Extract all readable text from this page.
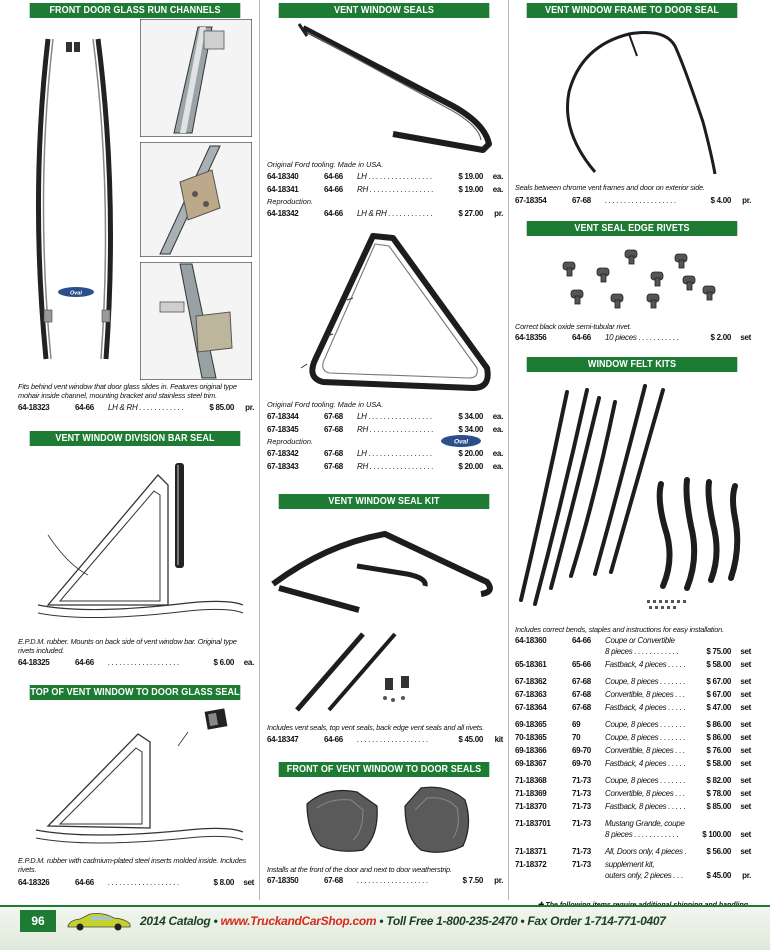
FRONT DOOR GLASS RUN CHANNELS
Oval
Fits behind vent window that door glass slides in. Features original type mohair inside channel, mounting bracket and stainless steel trim.
64-18323	64-66 LH & RH . . . . . . . . . . . .	$ 85.00 pr.
VENT WINDOW DIVISION BAR SEAL
E.P.D.M. rubber. Mounts on back side of vent window bar. Original type rivets included.
64-18325	64-66 . . . . . . . . . . . . . . . . . . .	$ 6.00 ea.
TOP OF VENT WINDOW TO DOOR GLASS SEAL
E.P.D.M. rubber with cadmium-plated steel inserts molded inside. Includes rivets.
64-18326	64-66 . . . . . . . . . . . . . . . . . . .	$ 8.00 set
VENT WINDOW SEALS
Original Ford tooling. Made in USA.
64-18340	64-66 LH . . . . . . . . . . . . . . . . .	$ 19.00 ea.
64-18341	64-66 RH . . . . . . . . . . . . . . . . .	$ 19.00 ea.
Reproduction.
64-18342	64-66 LH & RH . . . . . . . . . . . .	$ 27.00 pr.
Original Ford tooling. Made in USA.
67-18344	67-68 LH . . . . . . . . . . . . . . . . .	$ 34.00 ea.
67-18345	67-68 RH . . . . . . . . . . . . . . . . .	$ 34.00 ea.
Reproduction.	Oval
67-18342	67-68 LH . . . . . . . . . . . . . . . . .	$ 20.00 ea.
67-18343	67-68 RH . . . . . . . . . . . . . . . . .	$ 20.00 ea.
VENT WINDOW SEAL KIT
Includes vent seals, top vent seals, back edge vent seals and all rivets.
64-18347	64-66 . . . . . . . . . . . . . . . . . . .	$ 45.00 kit
FRONT OF VENT WINDOW TO DOOR SEALS
Installs at the front of the door and next to door weatherstrip.
67-18350	67-68 . . . . . . . . . . . . . . . . . . .	$ 7.50 pr.
VENT WINDOW FRAME TO DOOR SEAL
Seals between chrome vent frames and door on exterior side.
67-18354	67-68 . . . . . . . . . . . . . . . . . . .	$ 4.00 pr.
VENT SEAL EDGE RIVETS
Correct black oxide semi-tubular rivet.
64-18356	64-66 10 pieces . . . . . . . . . . .	$ 2.00 set
WINDOW FELT KITS
Includes correct bends, staples and instructions for easy installation.
64-18360	64-66 Coupe or Convertible
8 pieces . . . . . . . . . . . .	$ 75.00 set
65-18361	65-66 Fastback, 4 pieces . . . . .	$ 58.00 set
67-18362	67-68 Coupe, 8 pieces . . . . . . .	$ 67.00 set
67-18363	67-68 Convertible, 8 pieces . . .	$ 67.00 set
67-18364	67-68 Fastback, 4 pieces . . . . .	$ 47.00 set
69-18365	69	Coupe, 8 pieces . . . . . . .	$ 86.00 set
70-18365	70	Coupe, 8 pieces . . . . . . .	$ 86.00 set
69-18366	69-70 Convertible, 8 pieces . . .	$ 76.00 set
69-18367	69-70 Fastback, 4 pieces . . . . .	$ 58.00 set
71-18368	71-73 Coupe, 8 pieces . . . . . . .	$ 82.00 set
71-18369	71-73 Convertible, 8 pieces . . .	$ 78.00 set
71-18370	71-73 Fastback, 8 pieces . . . . .	$ 85.00 set
71-183701	71-73 Mustang Grande, coupe
8 pieces . . . . . . . . . . . .	$ 100.00 set
71-18371	71-73 All, Doors only, 4 pieces . $ 56.00 set
71-18372	71-73 supplement kit,
outers only, 2 pieces . . .	$ 45.00 pr.
96	2014 Catalog • www.TruckandCarShop.com • Toll Free 1-800-235-2470 • Fax Order 1-714-771-0407
